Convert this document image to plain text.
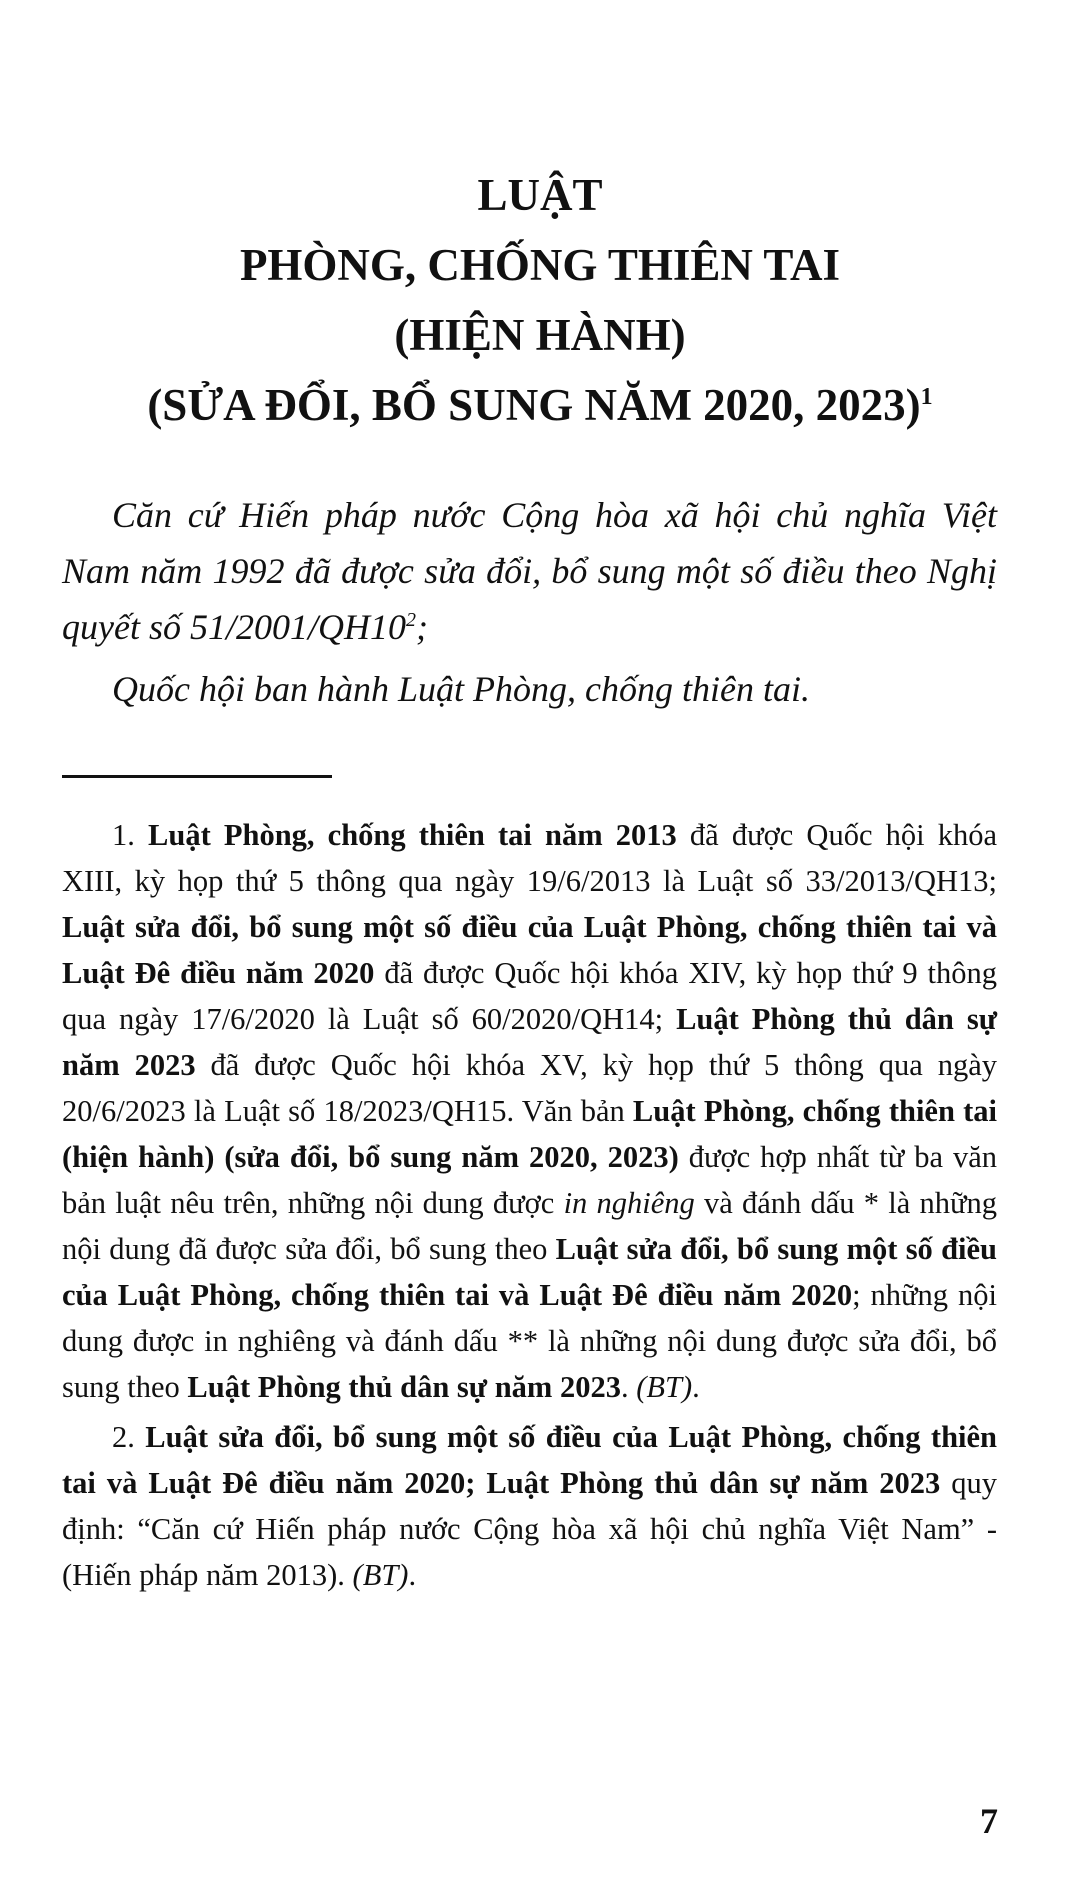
LUẬT
PHÒNG, CHỐNG THIÊN TAI
(HIỆN HÀNH)
(SỬA ĐỔI, BỔ SUNG NĂM 2020, 2023)$^1$

Căn cứ Hiến pháp nước Cộng hòa xã hội chủ nghĩa Việt Nam năm 1992 đã được sửa đổi, bổ sung một số điều theo Nghị quyết số $51/2001/QH10^2$;

Quốc hội ban hành Luật Phòng, chống thiên tai.

1. Luật Phòng, chống thiên tai năm 2013 đã được Quốc hội khóa XIII, kỳ họp thứ 5 thông qua ngày 19/6/2013 là Luật số 33/2013/QH13; Luật sửa đổi, bổ sung một số điều của Luật Phòng, chống thiên tai và Luật Đê điều năm 2020 đã được Quốc hội khóa XIV, kỳ họp thứ 9 thông qua ngày 17/6/2020 là Luật số 60/2020/QH14; Luật Phòng thủ dân sự năm 2023 đã được Quốc hội khóa XV, kỳ họp thứ 5 thông qua ngày 20/6/2023 là Luật số 18/2023/QH15. Văn bản Luật Phòng, chống thiên tai (hiện hành) (sửa đổi, bổ sung năm 2020, 2023) được hợp nhất từ ba văn bản luật nêu trên, những nội dung được in nghiêng và đánh dấu * là những nội dung đã được sửa đổi, bổ sung theo Luật sửa đổi, bổ sung một số điều của Luật Phòng, chống thiên tai và Luật Đê điều năm 2020; những nội dung được in nghiêng và đánh dấu ** là những nội dung được sửa đổi, bổ sung theo Luật Phòng thủ dân sự năm 2023. (BT).

2. Luật sửa đổi, bổ sung một số điều của Luật Phòng, chống thiên tai và Luật Đê điều năm 2020; Luật Phòng thủ dân sự năm 2023 quy định: “Căn cứ Hiến pháp nước Cộng hòa xã hội chủ nghĩa Việt Nam” - (Hiến pháp năm 2013). (BT).

7
